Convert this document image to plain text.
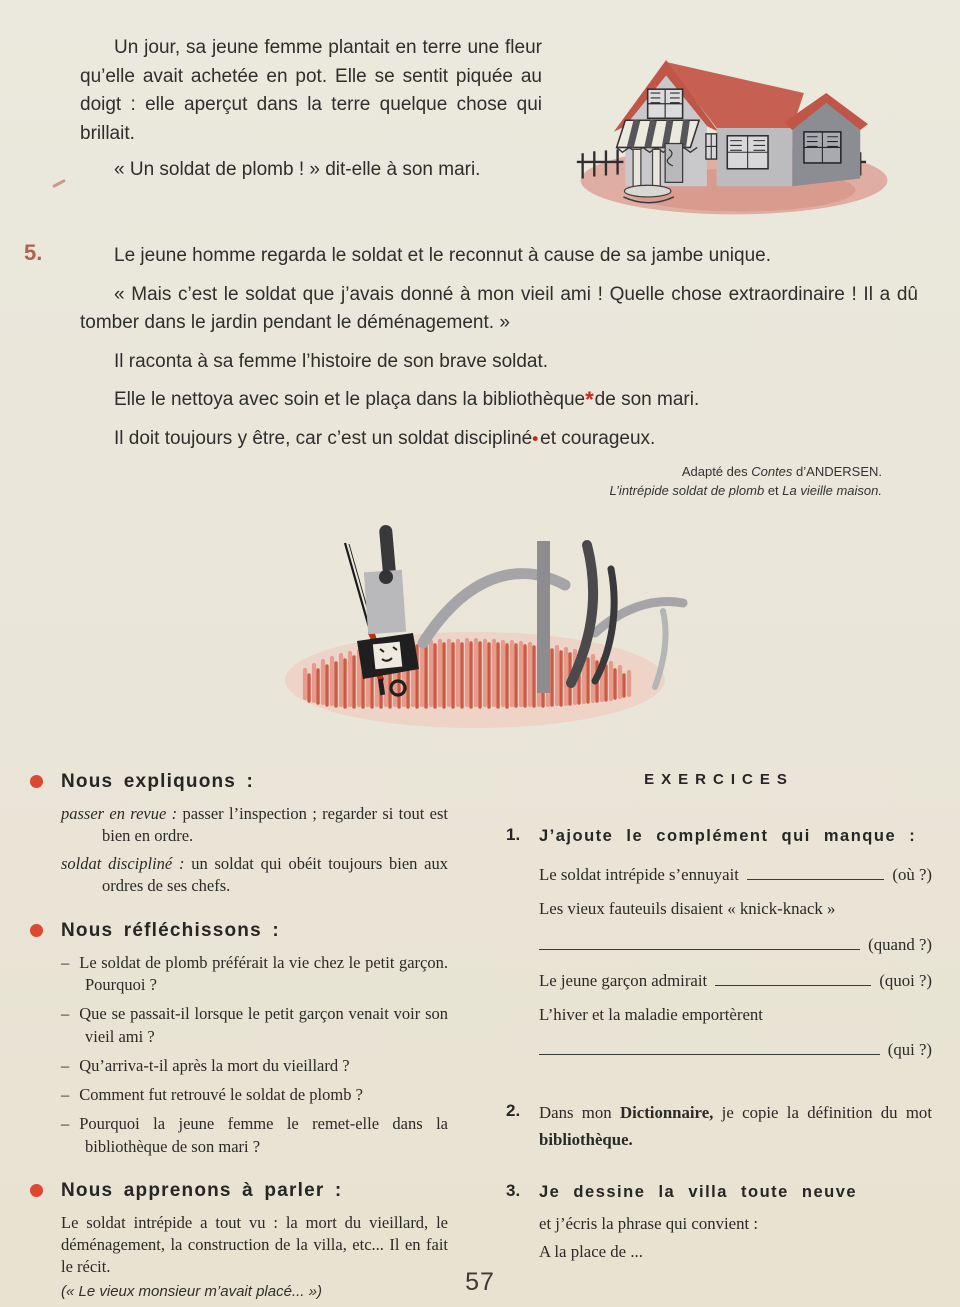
Un jour, sa jeune femme plantait en terre une fleur qu’elle avait achetée en pot. Elle se sentit piquée au doigt : elle aperçut dans la terre quelque chose qui brillait.

« Un soldat de plomb ! » dit-elle à son mari.

5.	Le jeune homme regarda le soldat et le reconnut à cause de sa jambe unique.

« Mais c’est le soldat que j’avais donné à mon vieil ami ! Quelle chose extraordinaire ! Il a dû tomber dans le jardin pendant le déménagement. »

Il raconta à sa femme l’histoire de son brave soldat.

Elle le nettoya avec soin et le plaça dans la bibliothèque*de son mari.

Il doit toujours y être, car c’est un soldat discipliné• et courageux.

Adapté des Contes d’ANDERSEN.
L’intrépide soldat de plomb et La vieille maison.
Nous expliquons :
passer en revue : passer l’inspection ; regarder si tout est bien en ordre.
soldat discipliné : un soldat qui obéit toujours bien aux ordres de ses chefs.
Nous réfléchissons :
– Le soldat de plomb préférait la vie chez le petit garçon. Pourquoi ?
– Que se passait-il lorsque le petit garçon venait voir son vieil ami ?
– Qu’arriva-t-il après la mort du vieillard ?
– Comment fut retrouvé le soldat de plomb ?
– Pourquoi la jeune femme le remet-elle dans la bibliothèque de son mari ?
Nous apprenons à parler :

Le soldat intrépide a tout vu : la mort du vieillard, le déménagement, la construction de la villa, etc... Il en fait le récit.

(« Le vieux monsieur m’avait placé... »)

EXERCICES
1.	J’ajoute le complément qui manque :
Le soldat intrépide s’ennuyait	(où ?)
Les vieux fauteuils disaient « knick-knack »
(quand ?)
Le jeune garçon admirait	(quoi ?)
L’hiver et la maladie emportèrent
(qui ?)
2.	Dans mon Dictionnaire, je copie la définition du mot bibliothèque.

3.	Je dessine la villa toute neuve
et j’écris la phrase qui convient :
A la place de ...
57
